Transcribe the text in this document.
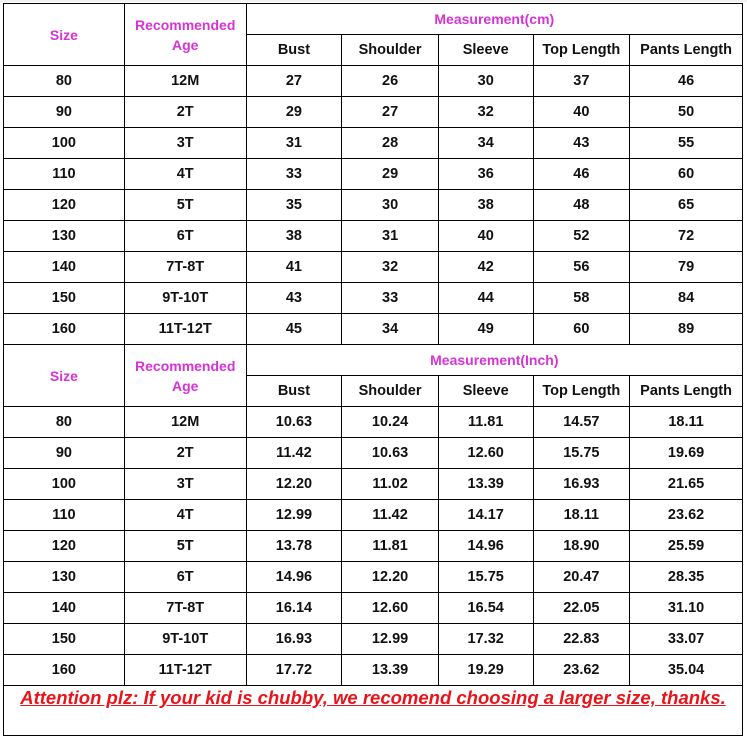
Size	Recommended Age	Measurement(cm)				
		Bust	Shoulder	Sleeve	Top Length	Pants Length
80	12M	27	26	30	37	46
90	2T	29	27	32	40	50
100	3T	31	28	34	43	55
110	4T	33	29	36	46	60
120	5T	35	30	38	48	65
130	6T	38	31	40	52	72
140	7T-8T	41	32	42	56	79
150	9T-10T	43	33	44	58	84
160	11T-12T	45	34	49	60	89
Size	Recommended Age	Measurement(Inch)				
		Bust	Shoulder	Sleeve	Top Length	Pants Length
80	12M	10.63	10.24	11.81	14.57	18.11
90	2T	11.42	10.63	12.60	15.75	19.69
100	3T	12.20	11.02	13.39	16.93	21.65
110	4T	12.99	11.42	14.17	18.11	23.62
120	5T	13.78	11.81	14.96	18.90	25.59
130	6T	14.96	12.20	15.75	20.47	28.35
140	7T-8T	16.14	12.60	16.54	22.05	31.10
150	9T-10T	16.93	12.99	17.32	22.83	33.07
160	11T-12T	17.72	13.39	19.29	23.62	35.04
Attention plz: If your kid is chubby, we recomend choosing a larger size, thanks.
